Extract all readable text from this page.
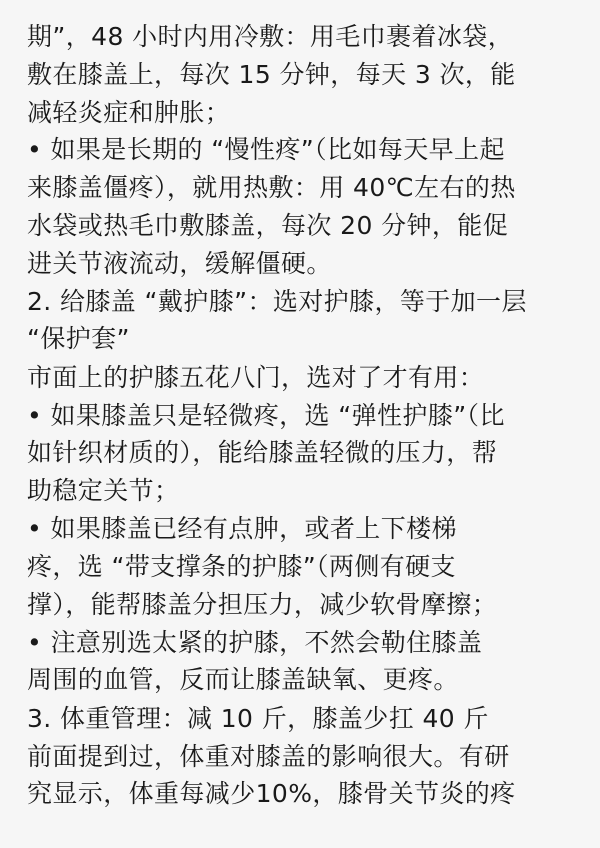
期”，48 小时内用冷敷：用毛巾裹着冰袋，
敷在膝盖上，每次 15 分钟，每天 3 次，能
减轻炎症和肿胀；
• 如果是长期的 “慢性疼”（比如每天早上起
来膝盖僵疼），就用热敷：用 40℃左右的热
水袋或热毛巾敷膝盖，每次 20 分钟，能促
进关节液流动，缓解僵硬。
2. 给膝盖 “戴护膝”：选对护膝，等于加一层
“保护套”
市面上的护膝五花八门，选对了才有用：
• 如果膝盖只是轻微疼，选 “弹性护膝”（比
如针织材质的），能给膝盖轻微的压力，帮
助稳定关节；
• 如果膝盖已经有点肿，或者上下楼梯
疼，选 “带支撑条的护膝”（两侧有硬支
撑），能帮膝盖分担压力，减少软骨摩擦；
• 注意别选太紧的护膝，不然会勒住膝盖
周围的血管，反而让膝盖缺氧、更疼。
3. 体重管理：减 10 斤，膝盖少扛 40 斤
前面提到过，体重对膝盖的影响很大。有研
究显示，体重每减少10%，膝骨关节炎的疼
